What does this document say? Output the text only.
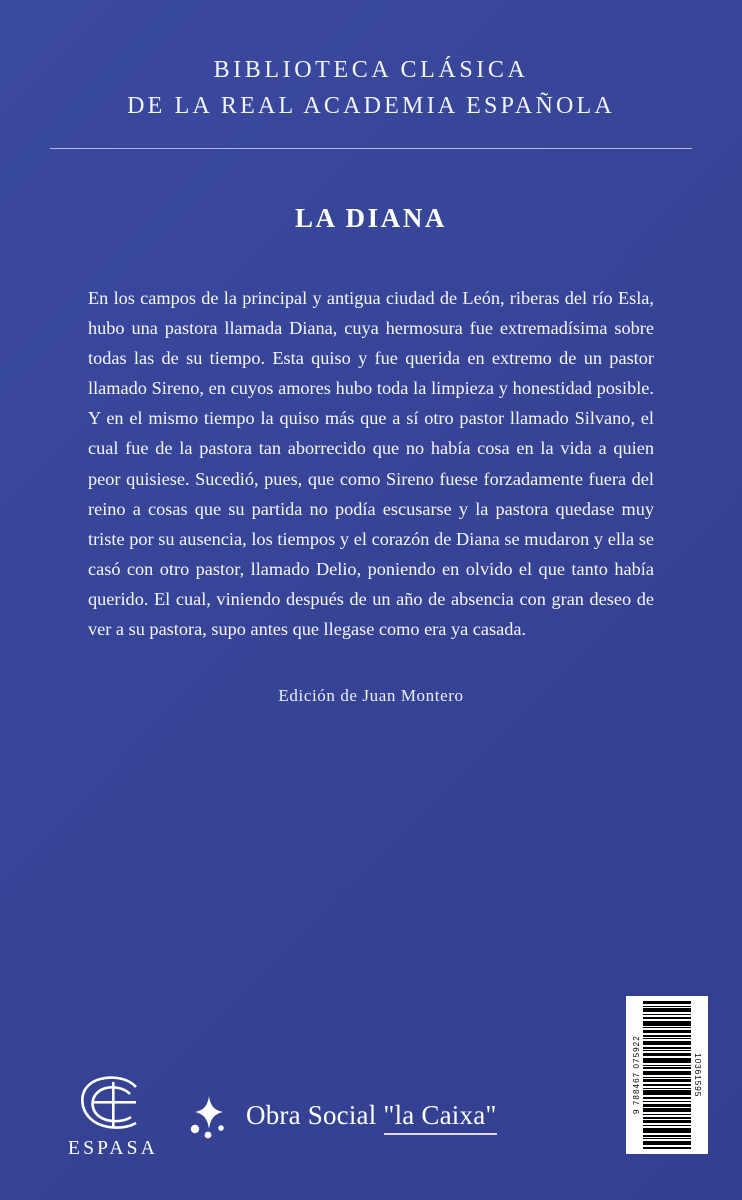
BIBLIOTECA CLÁSICA
DE LA REAL ACADEMIA ESPAÑOLA
LA DIANA
En los campos de la principal y antigua ciudad de León, riberas del río Esla, hubo una pastora llamada Diana, cuya hermosura fue extremadísima sobre todas las de su tiempo. Esta quiso y fue querida en extremo de un pastor llamado Sireno, en cuyos amores hubo toda la limpieza y honestidad posible. Y en el mismo tiempo la quiso más que a sí otro pastor llamado Silvano, el cual fue de la pastora tan aborrecido que no había cosa en la vida a quien peor quisiese. Sucedió, pues, que como Sireno fuese forzadamente fuera del reino a cosas que su partida no podía escusarse y la pastora quedase muy triste por su ausencia, los tiempos y el corazón de Diana se mudaron y ella se casó con otro pastor, llamado Delio, poniendo en olvido el que tanto había querido. El cual, viniendo después de un año de absencia con gran deseo de ver a su pastora, supo antes que llegase como era ya casada.
Edición de Juan Montero
ESPASA
Obra Social "la Caixa"
9 788467 075922	10361595
